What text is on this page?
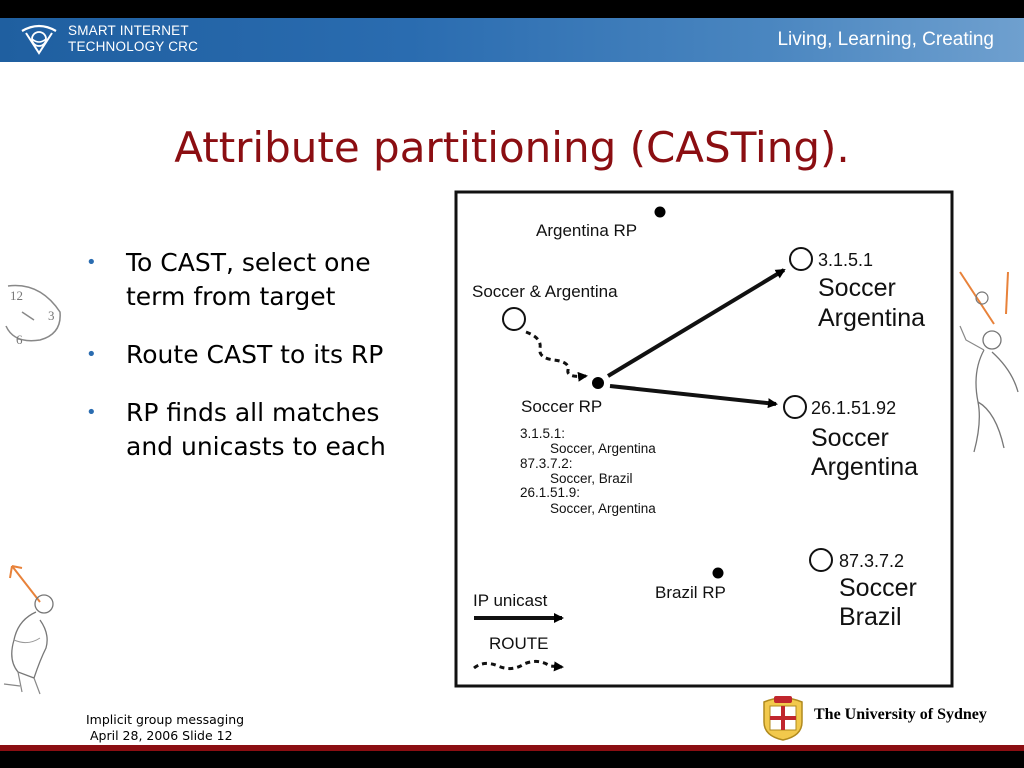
SMART INTERNET
TECHNOLOGY CRC	Living, Learning, Creating
Attribute partitioning (CASTing).
• To CAST, select one
term from target
• Route CAST to its RP
• RP finds all matches
and unicasts to each
Argentina RP
Soccer & Argentina
Soccer RP
3.1.5.1:
Soccer, Argentina
87.3.7.2:
Soccer, Brazil
26.1.51.9:
Soccer, Argentina
3.1.5.1
Soccer
Argentina
26.1.51.92
Soccer
Argentina
87.3.7.2
Soccer
Brazil
Brazil RP
IP unicast
ROUTE
12
3
6
Implicit group messaging
April 28, 2006 Slide 12
The University of Sydney
